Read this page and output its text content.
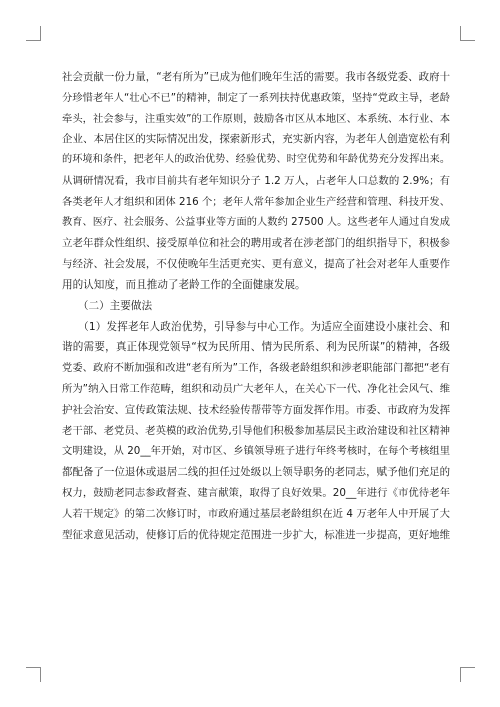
社会贡献一份力量，“老有所为”已成为他们晚年生活的需要。我市各级党委、政府十
分珍惜老年人“壮心不已”的精神，制定了一系列扶持优惠政策，坚持“党政主导，老龄
牵头，社会参与，注重实效”的工作原则，鼓励各市区从本地区、本系统、本行业、本
企业、本居住区的实际情况出发，探索新形式，充实新内容，为老年人创造宽松有利
的环境和条件，把老年人的政治优势、经验优势、时空优势和年龄优势充分发挥出来。
从调研情况看，我市目前共有老年知识分子 1.2 万人，占老年人口总数的 2.9%；有
各类老年人才组织和团体 216 个；老年人常年参加企业生产经营和管理、科技开发、
教育、医疗、社会服务、公益事业等方面的人数约 27500 人。这些老年人通过自发成
立老年群众性组织、接受原单位和社会的聘用或者在涉老部门的组织指导下，积极参
与经济、社会发展，不仅使晚年生活更充实、更有意义，提高了社会对老年人重要作
用的认知度，而且推动了老龄工作的全面健康发展。
　　（二）主要做法
　　（1）发挥老年人政治优势，引导参与中心工作。为适应全面建设小康社会、和
谐的需要，真正体现党领导“权为民所用、情为民所系、利为民所谋”的精神，各级
党委、政府不断加强和改进“老有所为”工作，各级老龄组织和涉老职能部门都把“老有
所为”纳入日常工作范畴，组织和动员广大老年人，在关心下一代、净化社会风气、维
护社会治安、宣传政策法规、技术经验传帮带等方面发挥作用。市委、市政府为发挥
老干部、老党员、老英模的政治优势,引导他们积极参加基层民主政治建设和社区精神
文明建设，从 20__年开始，对市区、乡镇领导班子进行年终考核时，在每个考核组里
都配备了一位退休或退居二线的担任过处级以上领导职务的老同志，赋予他们充足的
权力，鼓励老同志参政督查、建言献策，取得了良好效果。20__年进行《市优待老年
人若干规定》的第二次修订时，市政府通过基层老龄组织在近 4 万老年人中开展了大
型征求意见活动，使修订后的优待规定范围进一步扩大，标准进一步提高，更好地维
